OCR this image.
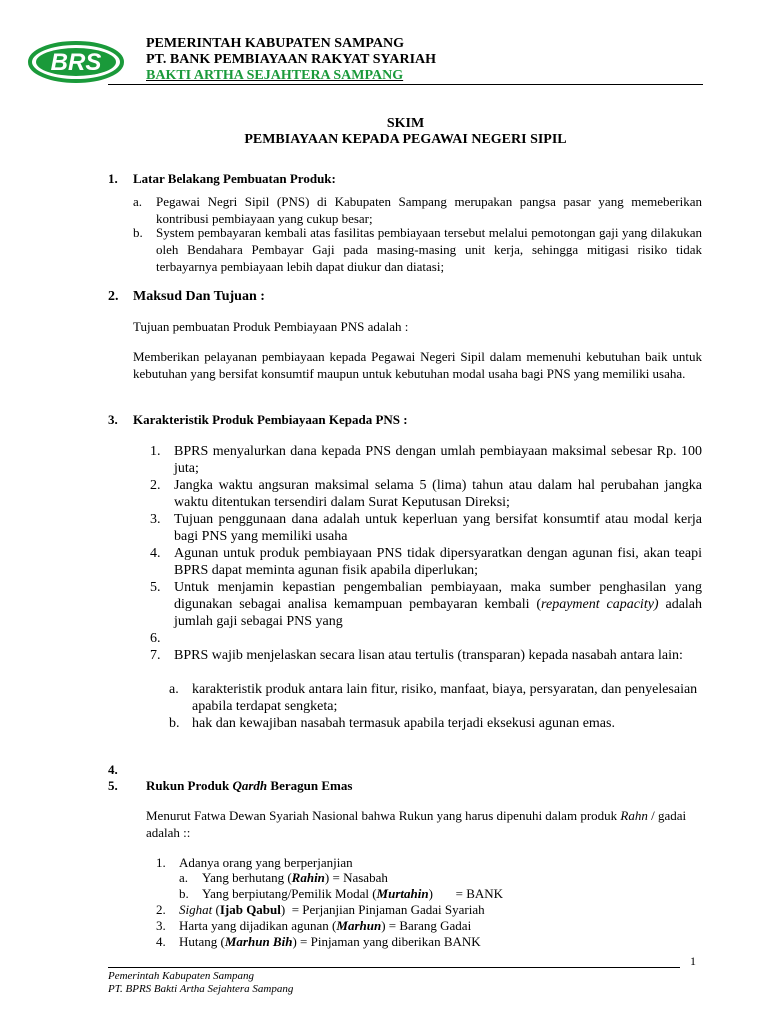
BRS
PEMERINTAH KABUPATEN SAMPANG
PT. BANK PEMBIAYAAN RAKYAT SYARIAH
BAKTI ARTHA SEJAHTERA SAMPANG
SKIM
PEMBIAYAAN KEPADA PEGAWAI NEGERI SIPIL
1. Latar Belakang Pembuatan Produk:
a. Pegawai Negri Sipil (PNS) di Kabupaten Sampang merupakan pangsa pasar yang memeberikan kontribusi pembiayaan yang cukup besar;
b. System pembayaran kembali atas fasilitas pembiayaan tersebut melalui pemotongan gaji yang dilakukan oleh Bendahara Pembayar Gaji pada masing-masing unit kerja, sehingga mitigasi risiko tidak terbayarnya pembiayaan lebih dapat diukur dan diatasi;
2. Maksud Dan Tujuan :
Tujuan pembuatan Produk Pembiayaan PNS adalah :
Memberikan pelayanan pembiayaan kepada Pegawai Negeri Sipil dalam memenuhi kebutuhan baik untuk kebutuhan yang bersifat konsumtif maupun untuk kebutuhan modal usaha bagi PNS yang memiliki usaha.
3. Karakteristik Produk Pembiayaan Kepada PNS :
1. BPRS menyalurkan dana kepada PNS dengan umlah pembiayaan maksimal sebesar Rp. 100 juta;
2. Jangka waktu angsuran maksimal selama 5 (lima) tahun atau dalam hal perubahan jangka waktu ditentukan tersendiri dalam Surat Keputusan Direksi;
3. Tujuan penggunaan dana adalah untuk keperluan yang bersifat konsumtif atau modal kerja bagi PNS yang memiliki usaha
4. Agunan untuk produk pembiayaan PNS tidak dipersyaratkan dengan agunan fisi, akan teapi BPRS dapat meminta agunan fisik apabila diperlukan;
5. Untuk menjamin kepastian pengembalian pembiayaan, maka sumber penghasilan yang digunakan sebagai analisa kemampuan pembayaran kembali (repayment capacity) adalah jumlah gaji sebagai PNS yang
6.
7. BPRS wajib menjelaskan secara lisan atau tertulis (transparan) kepada nasabah antara lain:
a. karakteristik produk antara lain fitur, risiko, manfaat, biaya, persyaratan, dan penyelesaian apabila terdapat sengketa;
b. hak dan kewajiban nasabah termasuk apabila terjadi eksekusi agunan emas.
4.
5. Rukun Produk Qardh Beragun Emas
Menurut Fatwa Dewan Syariah Nasional bahwa Rukun yang harus dipenuhi dalam produk Rahn / gadai adalah ::
1. Adanya orang yang berperjanjian
a. Yang berhutang (Rahin) = Nasabah
b. Yang berpiutang/Pemilik Modal (Murtahin)       = BANK
2. Sighat (Ijab Qabul)  = Perjanjian Pinjaman Gadai Syariah
3. Harta yang dijadikan agunan (Marhun) = Barang Gadai
4. Hutang (Marhun Bih) = Pinjaman yang diberikan BANK
1
Pemerintah Kabupaten Sampang
PT. BPRS Bakti Artha Sejahtera Sampang
